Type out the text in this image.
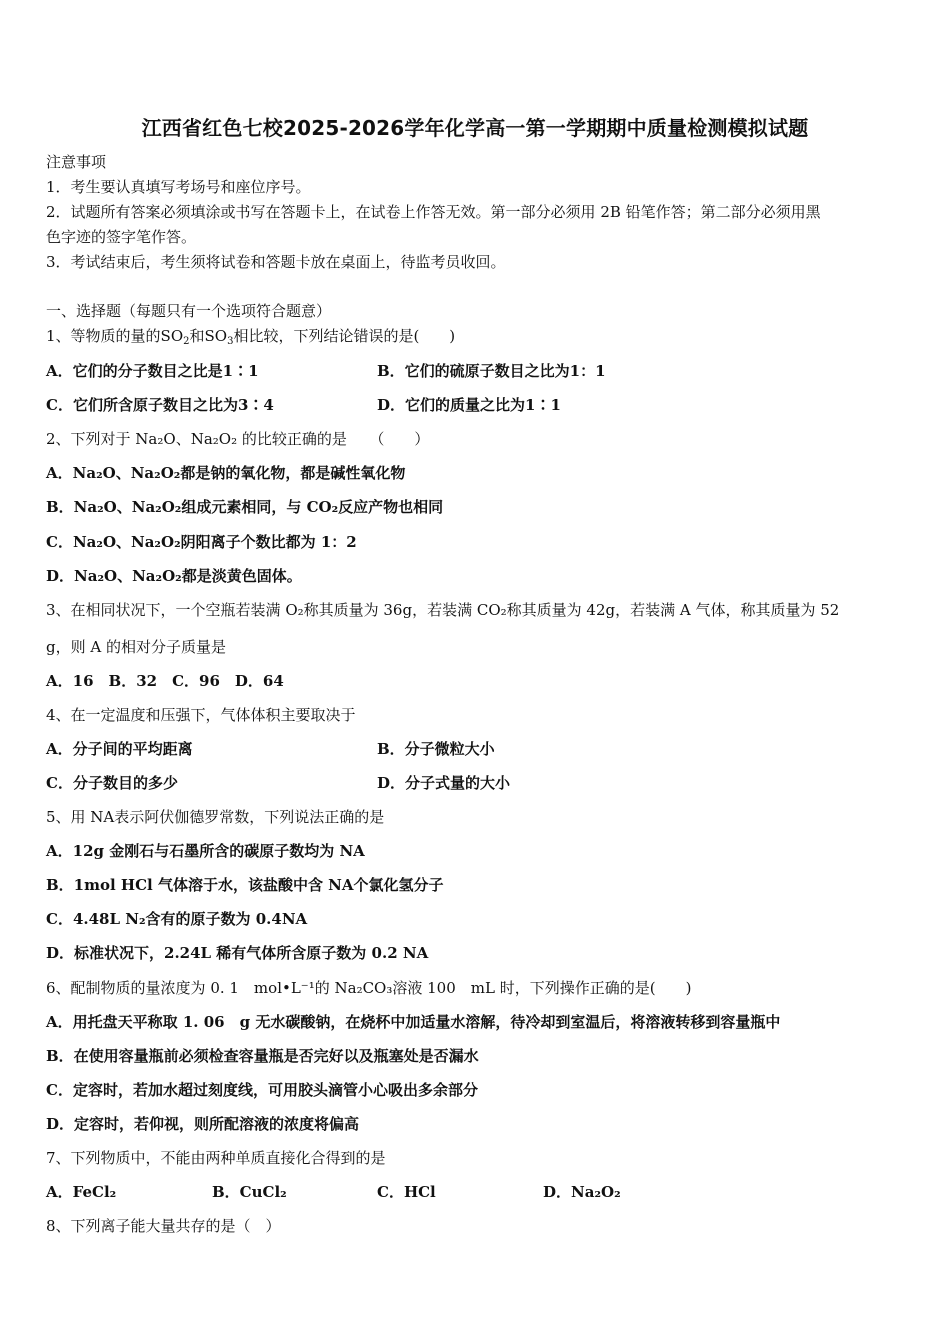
江西省红色七校2025-2026学年化学高一第一学期期中质量检测模拟试题
注意事项
1．考生要认真填写考场号和座位序号。
2．试题所有答案必须填涂或书写在答题卡上，在试卷上作答无效。第一部分必须用 2B 铅笔作答；第二部分必须用黑
色字迹的签字笔作答。
3．考试结束后，考生须将试卷和答题卡放在桌面上，待监考员收回。
一、选择题（每题只有一个选项符合题意）
1、等物质的量的$SO_2$和$SO_3$相比较，下列结论错误的是(　　)
A．它们的分子数目之比是1∶1	B．它们的硫原子数目之比为1：1
C．它们所含原子数目之比为3∶4	D．它们的质量之比为1∶1
2、下列对于 Na₂O、Na₂O₂ 的比较正确的是　　（　　）
A．Na₂O、Na₂O₂都是钠的氧化物，都是碱性氧化物
B．Na₂O、Na₂O₂组成元素相同，与 CO₂反应产物也相同
C．Na₂O、Na₂O₂阴阳离子个数比都为 1：2
D．Na₂O、Na₂O₂都是淡黄色固体。
3、在相同状况下，一个空瓶若装满 O₂称其质量为 36g，若装满 CO₂称其质量为 42g，若装满 A 气体，称其质量为 52
g，则 A 的相对分子质量是
A．16　B．32　C．96　D．64
4、在一定温度和压强下，气体体积主要取决于
A．分子间的平均距离	B．分子微粒大小
C．分子数目的多少	D．分子式量的大小
5、用 NA表示阿伏伽德罗常数，下列说法正确的是
A．12g 金刚石与石墨所含的碳原子数均为 NA
B．1mol HCl 气体溶于水，该盐酸中含 NA个氯化氢分子
C．4.48L N₂含有的原子数为 0.4NA
D．标准状况下，2.24L 稀有气体所含原子数为 0.2 NA
6、配制物质的量浓度为 0. 1　mol•L⁻¹的 Na₂CO₃溶液 100　mL 时，下列操作正确的是(　　)
A．用托盘天平称取 1. 06　g 无水碳酸钠，在烧杯中加适量水溶解，待冷却到室温后，将溶液转移到容量瓶中
B．在使用容量瓶前必须检查容量瓶是否完好以及瓶塞处是否漏水
C．定容时，若加水超过刻度线，可用胶头滴管小心吸出多余部分
D．定容时，若仰视，则所配溶液的浓度将偏高
7、下列物质中，不能由两种单质直接化合得到的是
A．FeCl₂	B．CuCl₂	C．HCl	D．Na₂O₂
8、下列离子能大量共存的是（　）
